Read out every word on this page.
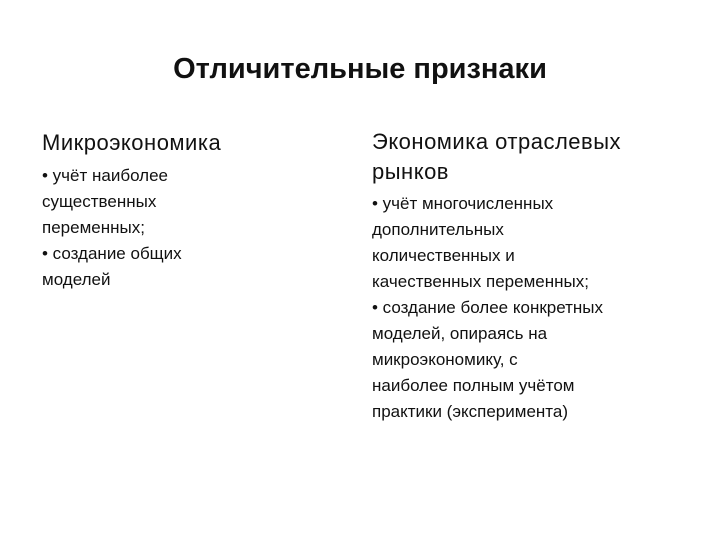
Отличительные признаки
Микроэкономика

• учёт наиболее
существенных
переменных;
• создание общих
моделей

Экономика отраслевых
рынков

• учёт многочисленных
дополнительных
количественных и
качественных переменных;
• создание более конкретных
моделей, опираясь на
микроэкономику, с
наиболее полным учётом
практики (эксперимента)
